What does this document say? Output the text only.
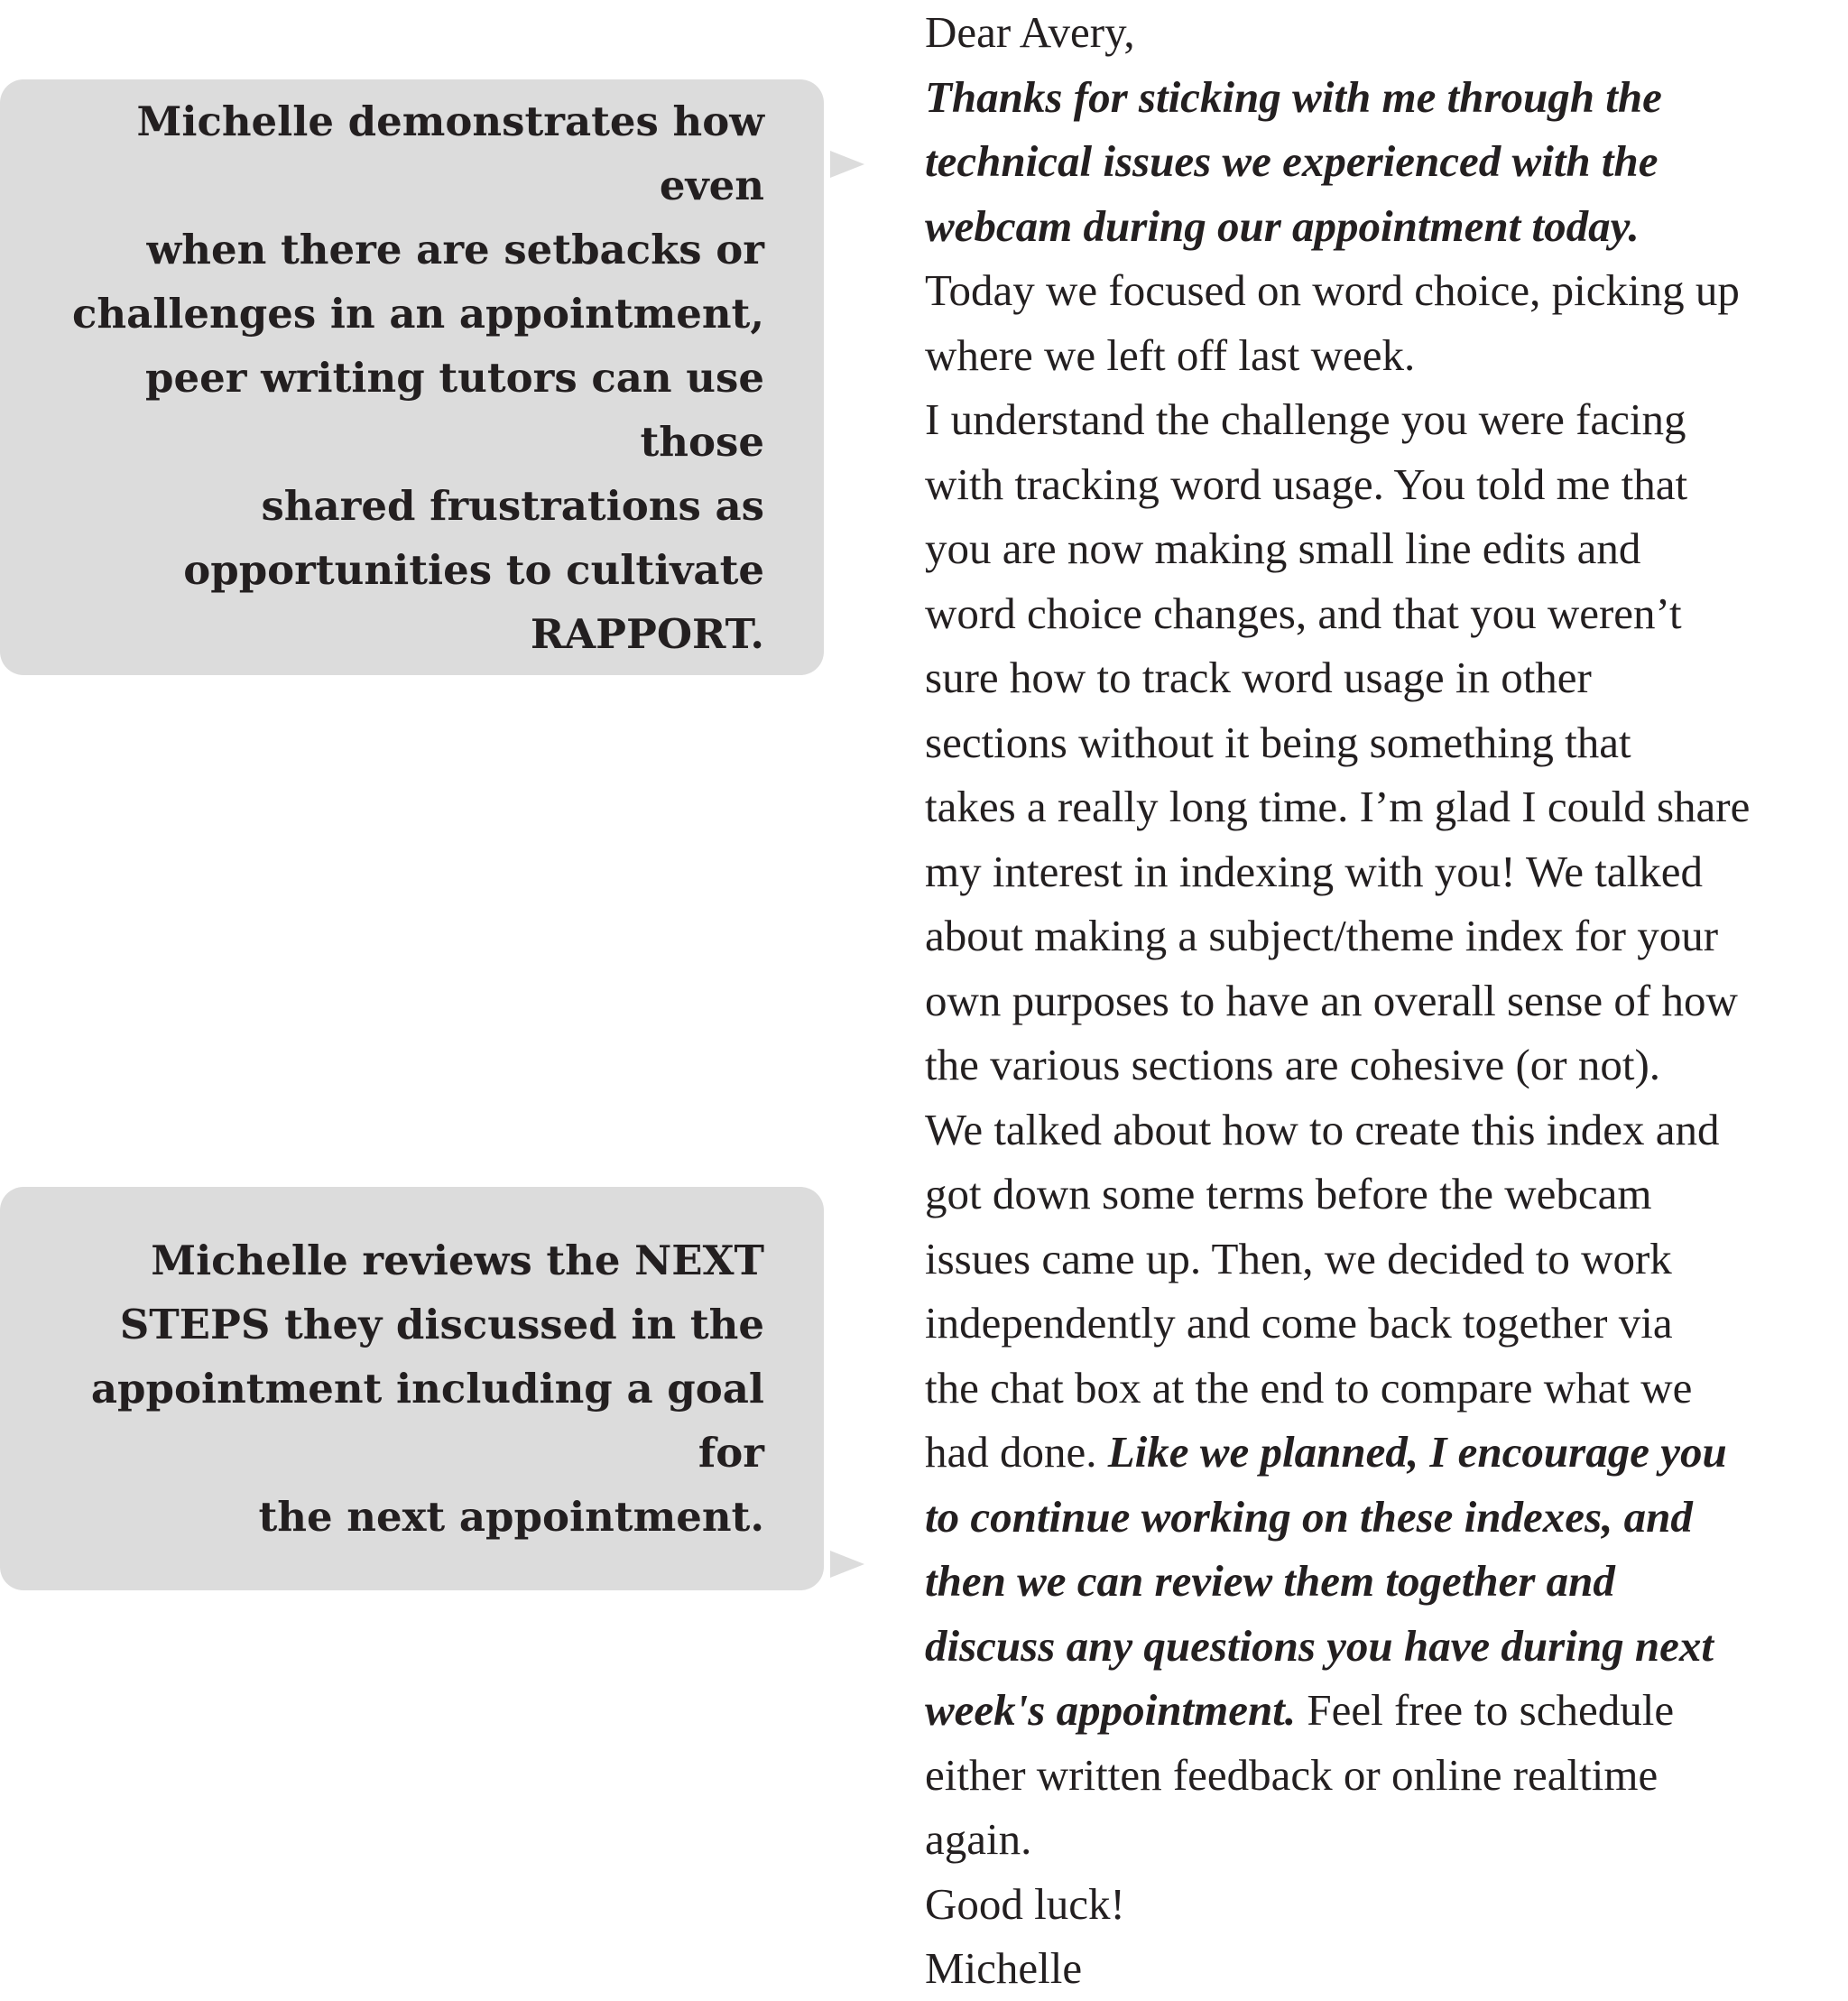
Michelle demonstrates how even
when there are setbacks or
challenges in an appointment,
peer writing tutors can use those
shared frustrations as
opportunities to cultivate
RAPPORT.
Michelle reviews the NEXT
STEPS they discussed in the
appointment including a goal for
the next appointment.
Dear Avery,
Thanks for sticking with me through the
technical issues we experienced with the
webcam during our appointment today.
Today we focused on word choice, picking up
where we left off last week.
I understand the challenge you were facing
with tracking word usage. You told me that
you are now making small line edits and
word choice changes, and that you weren’t
sure how to track word usage in other
sections without it being something that
takes a really long time. I’m glad I could share
my interest in indexing with you! We talked
about making a subject/theme index for your
own purposes to have an overall sense of how
the various sections are cohesive (or not).
We talked about how to create this index and
got down some terms before the webcam
issues came up. Then, we decided to work
independently and come back together via
the chat box at the end to compare what we
had done. Like we planned, I encourage you
to continue working on these indexes, and
then we can review them together and
discuss any questions you have during next
week's appointment. Feel free to schedule
either written feedback or online realtime
again.
Good luck!
Michelle
